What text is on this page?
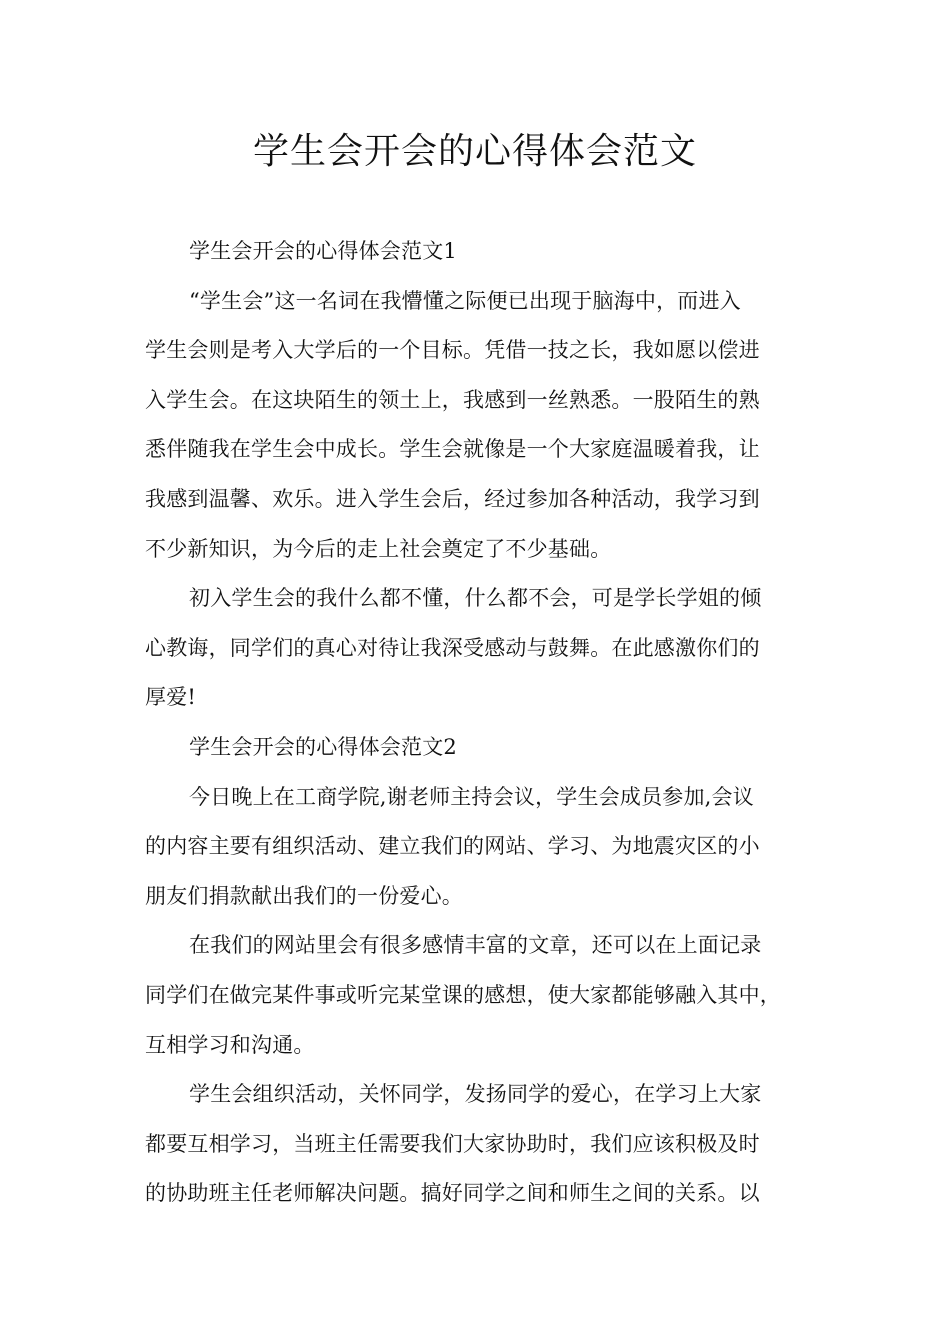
学生会开会的心得体会范文
学生会开会的心得体会范文1
“学生会”这一名词在我懵懂之际便已出现于脑海中，而进入
学生会则是考入大学后的一个目标。凭借一技之长，我如愿以偿进
入学生会。在这块陌生的领土上，我感到一丝熟悉。一股陌生的熟
悉伴随我在学生会中成长。学生会就像是一个大家庭温暖着我，让
我感到温馨、欢乐。进入学生会后，经过参加各种活动，我学习到
不少新知识，为今后的走上社会奠定了不少基础。
初入学生会的我什么都不懂，什么都不会，可是学长学姐的倾
心教诲，同学们的真心对待让我深受感动与鼓舞。在此感激你们的
厚爱!
学生会开会的心得体会范文2
今日晚上在工商学院,谢老师主持会议，学生会成员参加,会议
的内容主要有组织活动、建立我们的网站、学习、为地震灾区的小
朋友们捐款献出我们的一份爱心。
在我们的网站里会有很多感情丰富的文章，还可以在上面记录
同学们在做完某件事或听完某堂课的感想，使大家都能够融入其中，
互相学习和沟通。
学生会组织活动，关怀同学，发扬同学的爱心，在学习上大家
都要互相学习，当班主任需要我们大家协助时，我们应该积极及时
的协助班主任老师解决问题。搞好同学之间和师生之间的关系。以
